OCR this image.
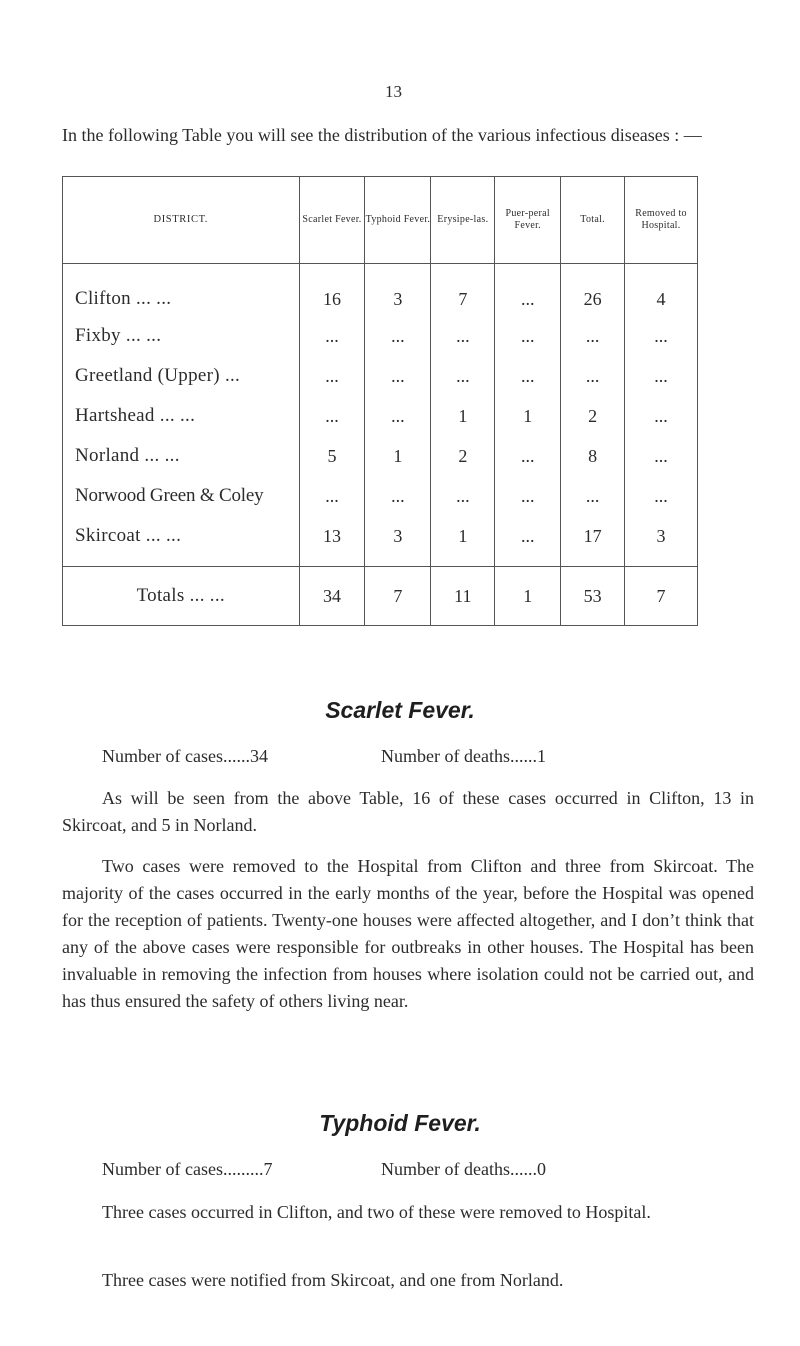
13
In the following Table you will see the distribution of the various infectious diseases : —
DISTRICT.	Scarlet Fever.	Typhoid Fever.	Erysipe-las.	Puer-peral Fever.	Total.	Removed to Hospital.
Clifton ... ...	16	3	7	...	26	4
Fixby ... ...	...	...	...	...	...	...
Greetland (Upper) ...	...	...	...	...	...	...
Hartshead ... ...	...	...	1	1	2	...
Norland ... ...	5	1	2	...	8	...
Norwood Green & Coley	...	...	...	...	...	...
Skircoat ... ...	13	3	1	...	17	3
Totals ... ...	34	7	11	1	53	7
Scarlet Fever.
Number of cases......34	Number of deaths......1

As will be seen from the above Table, 16 of these cases occurred in Clifton, 13 in Skircoat, and 5 in Norland.

Two cases were removed to the Hospital from Clifton and three from Skircoat. The majority of the cases occurred in the early months of the year, before the Hospital was opened for the reception of patients. Twenty-one houses were affected altogether, and I don’t think that any of the above cases were responsible for outbreaks in other houses. The Hospital has been invaluable in removing the infection from houses where isolation could not be carried out, and has thus ensured the safety of others living near.

Typhoid Fever.
Number of cases.........7	Number of deaths......0

Three cases occurred in Clifton, and two of these were removed to Hospital.

Three cases were notified from Skircoat, and one from Norland.
